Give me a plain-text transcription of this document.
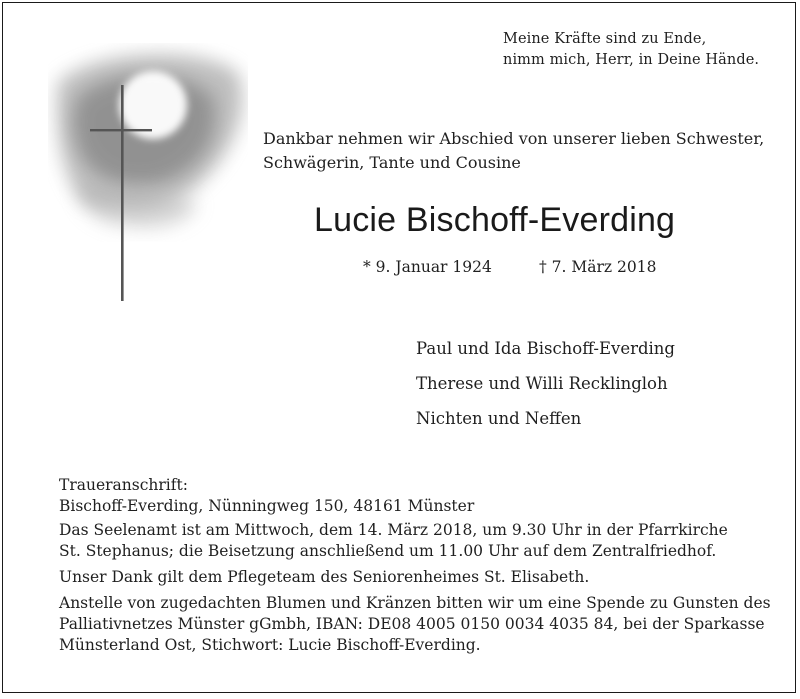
Meine Kräfte sind zu Ende,
nimm mich, Herr, in Deine Hände.
Dankbar nehmen wir Abschied von unserer lieben Schwester,
Schwägerin, Tante und Cousine
Lucie Bischoff-Everding
* 9. Januar 1924	† 7. März 2018
Paul und Ida Bischoff-Everding
Therese und Willi Recklingloh
Nichten und Neffen

Traueranschrift:
Bischoff-Everding, Nünningweg 150, 48161 Münster

Das Seelenamt ist am Mittwoch, dem 14. März 2018, um 9.30 Uhr in der Pfarrkirche
St. Stephanus; die Beisetzung anschließend um 11.00 Uhr auf dem Zentralfriedhof.

Unser Dank gilt dem Pflegeteam des Seniorenheimes St. Elisabeth.

Anstelle von zugedachten Blumen und Kränzen bitten wir um eine Spende zu Gunsten des
Palliativnetzes Münster gGmbh, IBAN: DE08 4005 0150 0034 4035 84, bei der Sparkasse
Münsterland Ost, Stichwort: Lucie Bischoff-Everding.
